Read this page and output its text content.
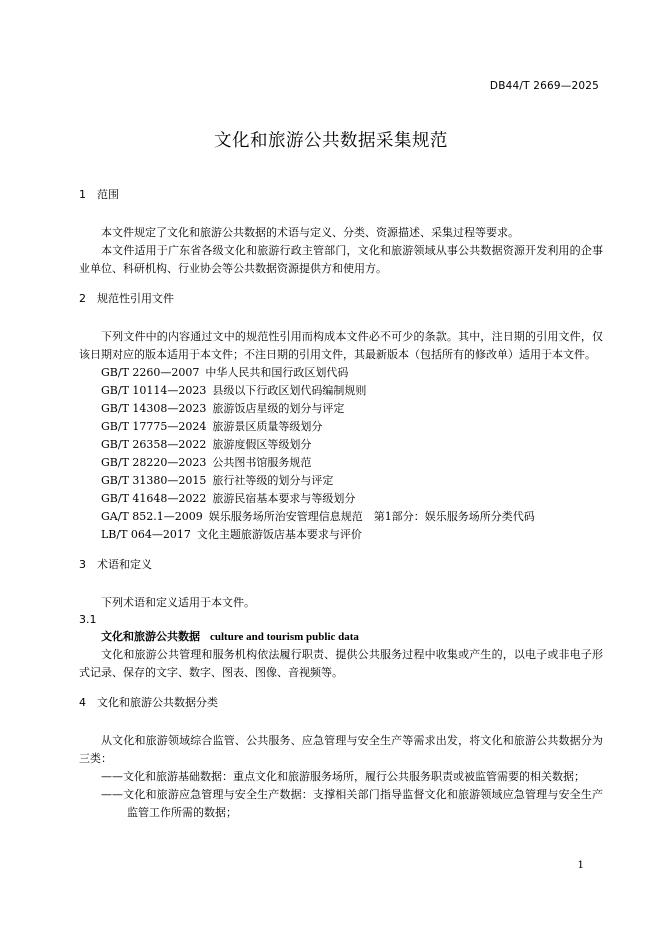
DB44/T 2669—2025
文化和旅游公共数据采集规范
1 范围

本文件规定了文化和旅游公共数据的术语与定义、分类、资源描述、采集过程等要求。

本文件适用于广东省各级文化和旅游行政主管部门，文化和旅游领域从事公共数据资源开发利用的企事业单位、科研机构、行业协会等公共数据资源提供方和使用方。

2 规范性引用文件

下列文件中的内容通过文中的规范性引用而构成本文件必不可少的条款。其中，注日期的引用文件，仅该日期对应的版本适用于本文件；不注日期的引用文件，其最新版本（包括所有的修改单）适用于本文件。

GB/T 2260—2007 中华人民共和国行政区划代码

GB/T 10114—2023 县级以下行政区划代码编制规则

GB/T 14308—2023 旅游饭店星级的划分与评定

GB/T 17775—2024 旅游景区质量等级划分

GB/T 26358—2022 旅游度假区等级划分

GB/T 28220—2023 公共图书馆服务规范

GB/T 31380—2015 旅行社等级的划分与评定

GB/T 41648—2022 旅游民宿基本要求与等级划分

GA/T 852.1—2009 娱乐服务场所治安管理信息规范　第1部分：娱乐服务场所分类代码

LB/T 064—2017 文化主题旅游饭店基本要求与评价

3 术语和定义

下列术语和定义适用于本文件。

3.1

文化和旅游公共数据 culture and tourism public data

文化和旅游公共管理和服务机构依法履行职责、提供公共服务过程中收集或产生的，以电子或非电子形式记录、保存的文字、数字、图表、图像、音视频等。

4 文化和旅游公共数据分类

从文化和旅游领域综合监管、公共服务、应急管理与安全生产等需求出发，将文化和旅游公共数据分为三类：

——文化和旅游基础数据：重点文化和旅游服务场所，履行公共服务职责或被监管需要的相关数据；

——文化和旅游应急管理与安全生产数据：支撑相关部门指导监督文化和旅游领域应急管理与安全生产监管工作所需的数据；

1
